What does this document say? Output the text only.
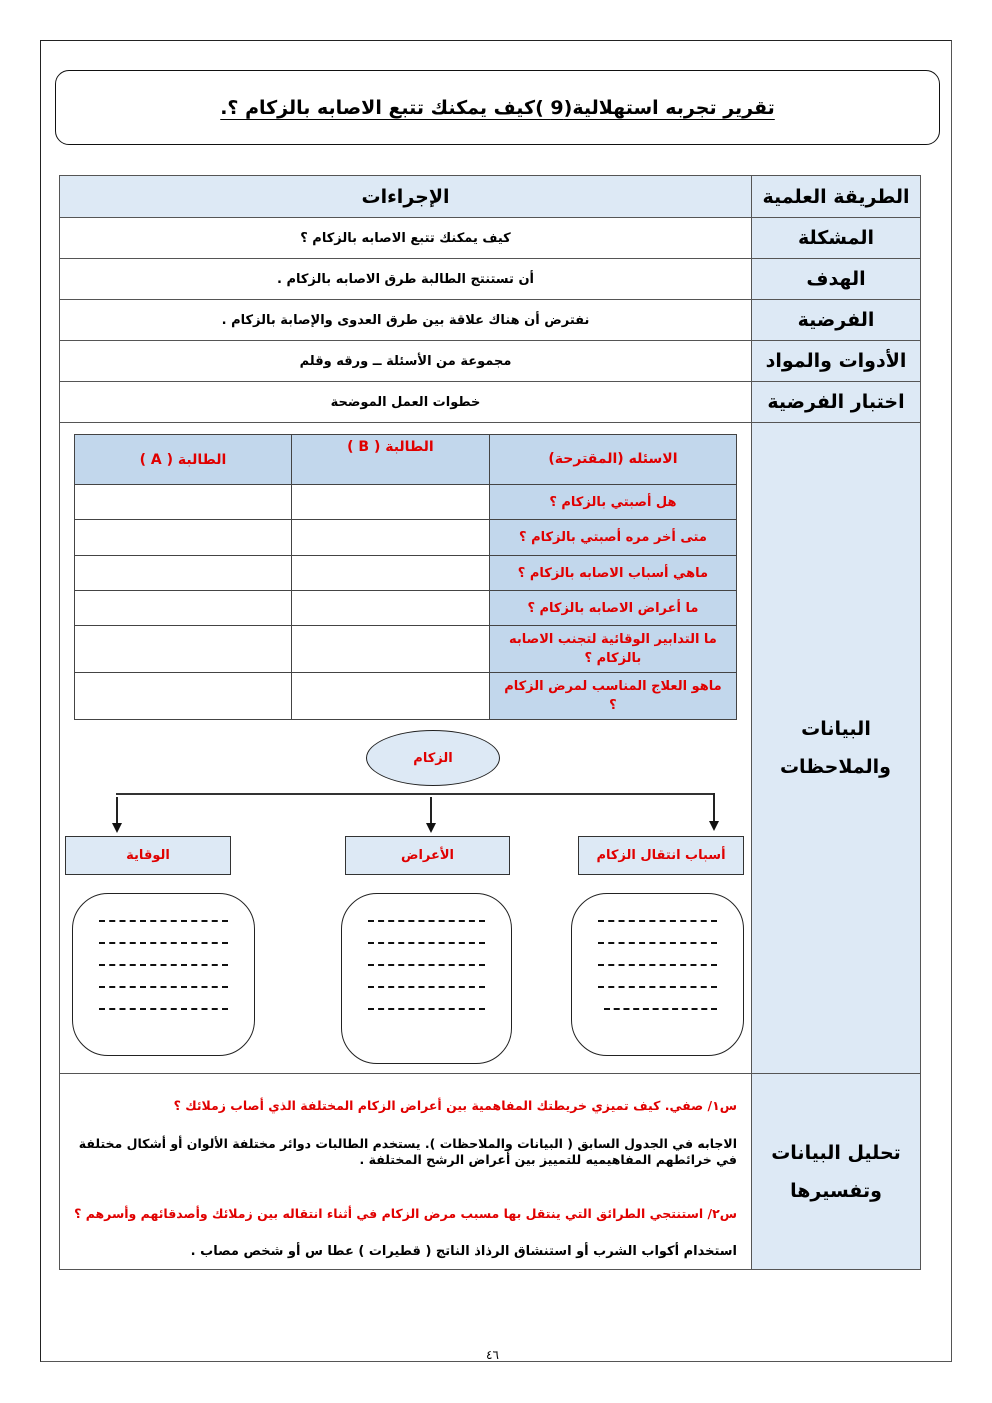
تقرير تجربه استهلالية(9 )كيف يمكنك تتبع الاصابه بالزكام ؟.
الطريقة العلمية	الإجراءات
المشكلة	كيف يمكنك تتبع الاصابه بالزكام ؟
الهدف	أن تستنتج الطالبة طرق الاصابه بالزكام .
الفرضية	نفترض أن هناك علاقة بين طرق العدوى والإصابة بالزكام .
الأدوات والمواد	مجموعة من الأسئلة ــ ورقه وقلم
اختبار الفرضية	خطوات العمل الموضحة
البيانات والملاحظات	
الاسئله (المقترحة)	الطالبة ( B )	الطالبة ( A )
هل أصبتي بالزكام ؟		
متى أخر مره أصبتي بالزكام ؟		
ماهي أسباب الاصابه بالزكام ؟		
ما أعراض الاصابه بالزكام ؟		
ما التدابير الوقائية لتجنب الاصابه بالزكام ؟		
ماهو العلاج المناسب لمرض الزكام ؟		
الزكام
أسباب انتقال الزكام
الأعراض
الوقاية

تحليل البيانات وتفسيرها	
س١/ صفي. كيف تميزي خريطتك المفاهمية بين أعراض الزكام المختلفة الذي أصاب زملائك ؟
الاجابه في الجدول السابق ( البيانات والملاحظات ). يستخدم الطالبات دوائر مختلفة الألوان أو أشكال مختلفة في خرائطهم المفاهيميه للتمييز بين أعراض الرشح المختلفة .
س٢/ استنتجي الطرائق التي ينتقل بها مسبب مرض الزكام في أثناء انتقاله بين زملائك وأصدقائهم وأسرهم ؟
استخدام أكواب الشرب أو استنشاق الرذاذ الناتج ( قطيرات ) عطا س أو شخص مصاب .
٤٦
